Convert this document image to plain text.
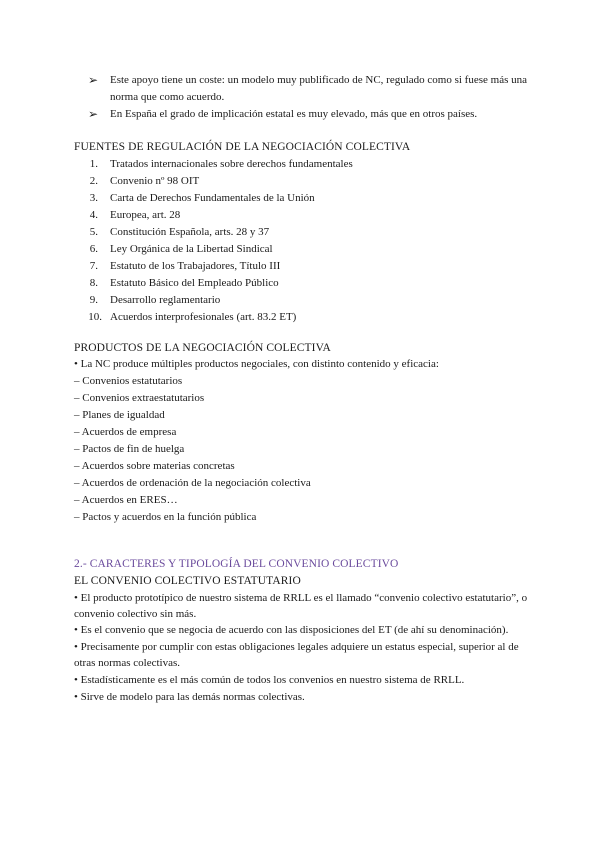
➢ Este apoyo tiene un coste: un modelo muy publificado de NC, regulado como si fuese más una
norma que como acuerdo.
➢ En España el grado de implicación estatal es muy elevado, más que en otros países.
FUENTES DE REGULACIÓN DE LA NEGOCIACIÓN COLECTIVA
1. Tratados internacionales sobre derechos fundamentales
2. Convenio nº 98 OIT
3. Carta de Derechos Fundamentales de la Unión
4. Europea, art. 28
5. Constitución Española, arts. 28 y 37
6. Ley Orgánica de la Libertad Sindical
7. Estatuto de los Trabajadores, Título III
8. Estatuto Básico del Empleado Público
9. Desarrollo reglamentario
10. Acuerdos interprofesionales (art. 83.2 ET)
PRODUCTOS DE LA NEGOCIACIÓN COLECTIVA
• La NC produce múltiples productos negociales, con distinto contenido y eficacia:
– Convenios estatutarios
– Convenios extraestatutarios
– Planes de igualdad
– Acuerdos de empresa
– Pactos de fin de huelga
– Acuerdos sobre materias concretas
– Acuerdos de ordenación de la negociación colectiva
– Acuerdos en ERES…
– Pactos y acuerdos en la función pública
2.- CARACTERES Y TIPOLOGÍA DEL CONVENIO COLECTIVO
EL CONVENIO COLECTIVO ESTATUTARIO
• El producto prototípico de nuestro sistema de RRLL es el llamado “convenio colectivo estatutario”, o
convenio colectivo sin más.
• Es el convenio que se negocia de acuerdo con las disposiciones del ET (de ahí su denominación).
• Precisamente por cumplir con estas obligaciones legales adquiere un estatus especial, superior al de
otras normas colectivas.
• Estadísticamente es el más común de todos los convenios en nuestro sistema de RRLL.
• Sirve de modelo para las demás normas colectivas.
